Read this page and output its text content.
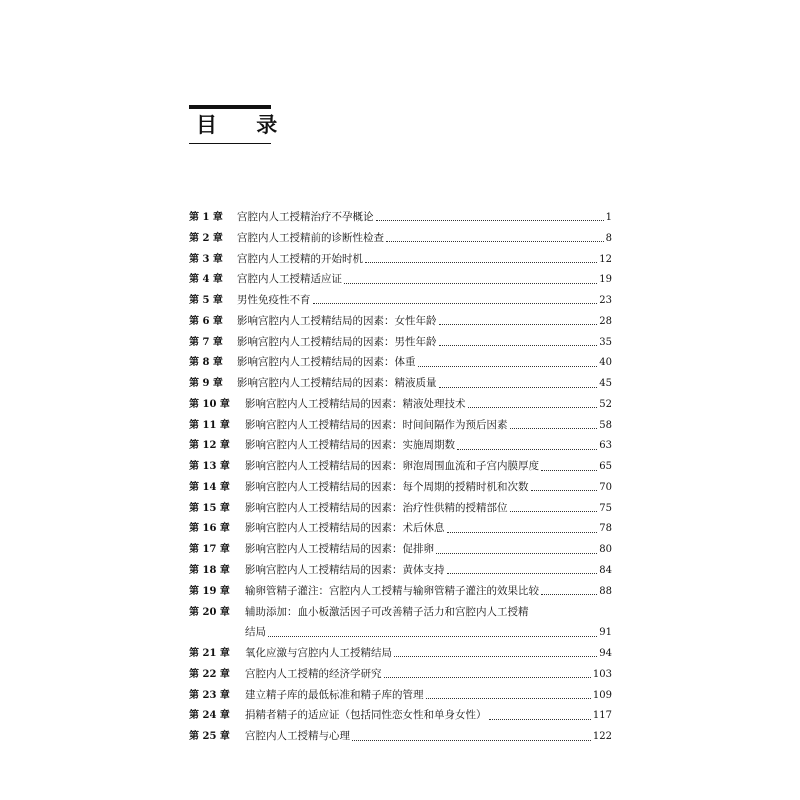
目 录
第 1 章	宫腔内人工授精治疗不孕概论	1
第 2 章	宫腔内人工授精前的诊断性检查	8
第 3 章	宫腔内人工授精的开始时机	12
第 4 章	宫腔内人工授精适应证	19
第 5 章	男性免疫性不育	23
第 6 章	影响宫腔内人工授精结局的因素：女性年龄	28
第 7 章	影响宫腔内人工授精结局的因素：男性年龄	35
第 8 章	影响宫腔内人工授精结局的因素：体重	40
第 9 章	影响宫腔内人工授精结局的因素：精液质量	45
第 10 章	影响宫腔内人工授精结局的因素：精液处理技术	52
第 11 章	影响宫腔内人工授精结局的因素：时间间隔作为预后因素	58
第 12 章	影响宫腔内人工授精结局的因素：实施周期数	63
第 13 章	影响宫腔内人工授精结局的因素：卵泡周围血流和子宫内膜厚度	65
第 14 章	影响宫腔内人工授精结局的因素：每个周期的授精时机和次数	70
第 15 章	影响宫腔内人工授精结局的因素：治疗性供精的授精部位	75
第 16 章	影响宫腔内人工授精结局的因素：术后休息	78
第 17 章	影响宫腔内人工授精结局的因素：促排卵	80
第 18 章	影响宫腔内人工授精结局的因素：黄体支持	84
第 19 章	输卵管精子灌注：宫腔内人工授精与输卵管精子灌注的效果比较	88
第 20 章	辅助添加：血小板激活因子可改善精子活力和宫腔内人工授精
结局	91
第 21 章	氧化应激与宫腔内人工授精结局	94
第 22 章	宫腔内人工授精的经济学研究	103
第 23 章	建立精子库的最低标准和精子库的管理	109
第 24 章	捐精者精子的适应证（包括同性恋女性和单身女性）	117
第 25 章	宫腔内人工授精与心理	122
